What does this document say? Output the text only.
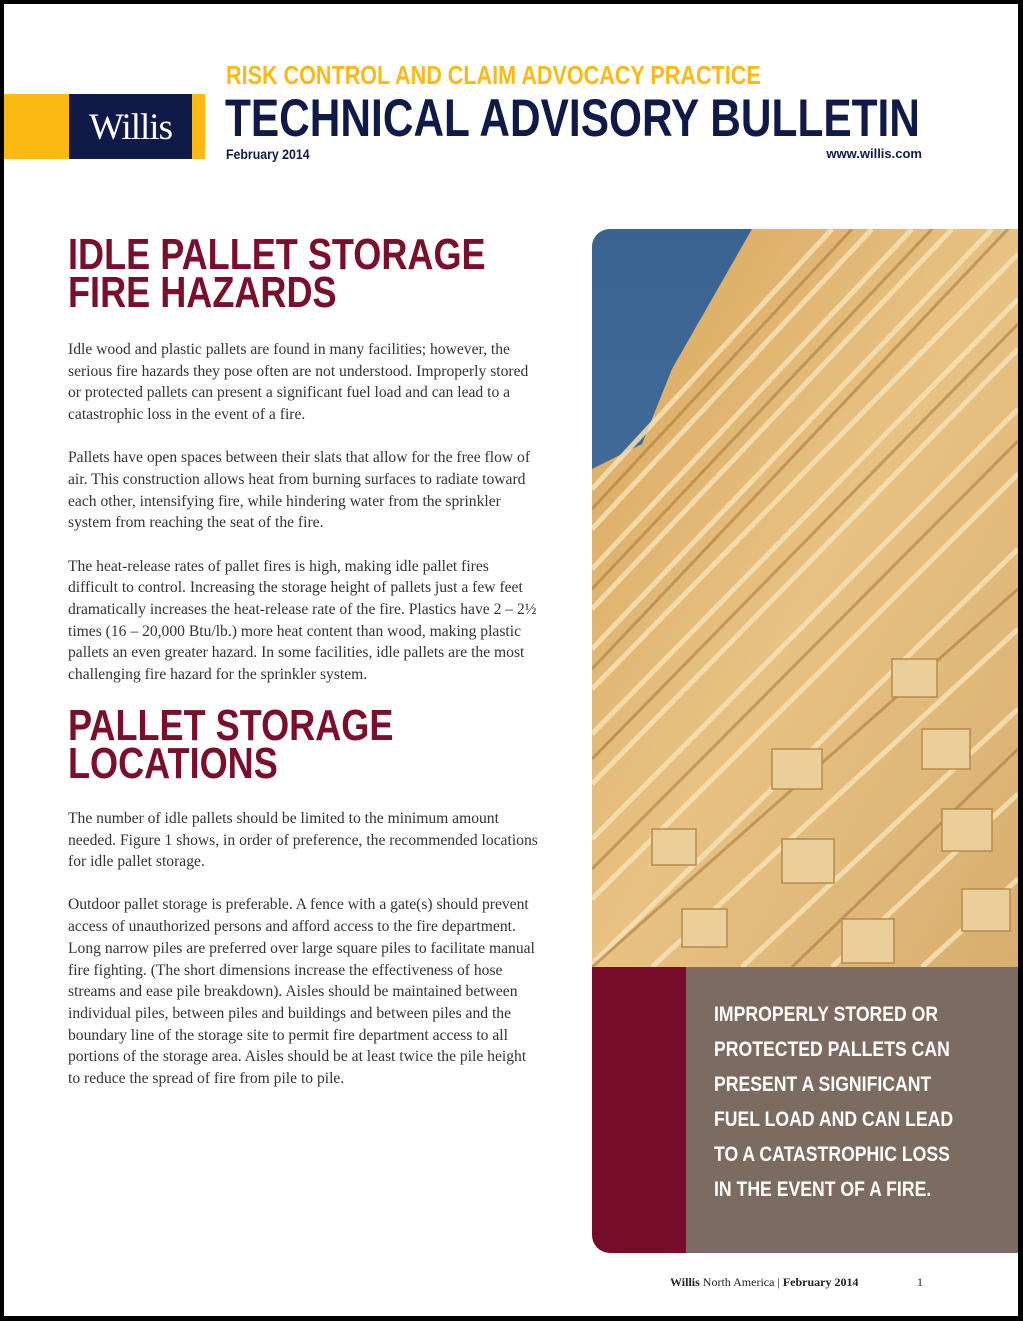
Willis
RISK CONTROL AND CLAIM ADVOCACY PRACTICE
TECHNICAL ADVISORY BULLETIN
February 2014	www.willis.com
IDLE PALLET STORAGE
FIRE HAZARDS

Idle wood and plastic pallets are found in many facilities; however, the serious fire hazards they pose often are not understood. Improperly stored or protected pallets can present a significant fuel load and can lead to a catastrophic loss in the event of a fire.

Pallets have open spaces between their slats that allow for the free flow of air. This construction allows heat from burning surfaces to radiate toward each other, intensifying fire, while hindering water from the sprinkler system from reaching the seat of the fire.

The heat-release rates of pallet fires is high, making idle pallet fires difficult to control. Increasing the storage height of pallets just a few feet dramatically increases the heat-release rate of the fire. Plastics have 2 – 2½ times (16 – 20,000 Btu/lb.) more heat content than wood, making plastic pallets an even greater hazard. In some facilities, idle pallets are the most challenging fire hazard for the sprinkler system.

PALLET STORAGE
LOCATIONS

The number of idle pallets should be limited to the minimum amount needed. Figure 1 shows, in order of preference, the recommended locations for idle pallet storage.

Outdoor pallet storage is preferable. A fence with a gate(s) should prevent access of unauthorized persons and afford access to the fire department. Long narrow piles are preferred over large square piles to facilitate manual fire fighting. (The short dimensions increase the effectiveness of hose streams and ease pile breakdown). Aisles should be maintained between individual piles, between piles and buildings and between piles and the boundary line of the storage site to permit fire department access to all portions of the storage area. Aisles should be at least twice the pile height to reduce the spread of fire from pile to pile.

IMPROPERLY STORED OR
PROTECTED PALLETS CAN
PRESENT A SIGNIFICANT
FUEL LOAD AND CAN LEAD
TO A CATASTROPHIC LOSS
IN THE EVENT OF A FIRE.
Willis North America | February 2014	1
